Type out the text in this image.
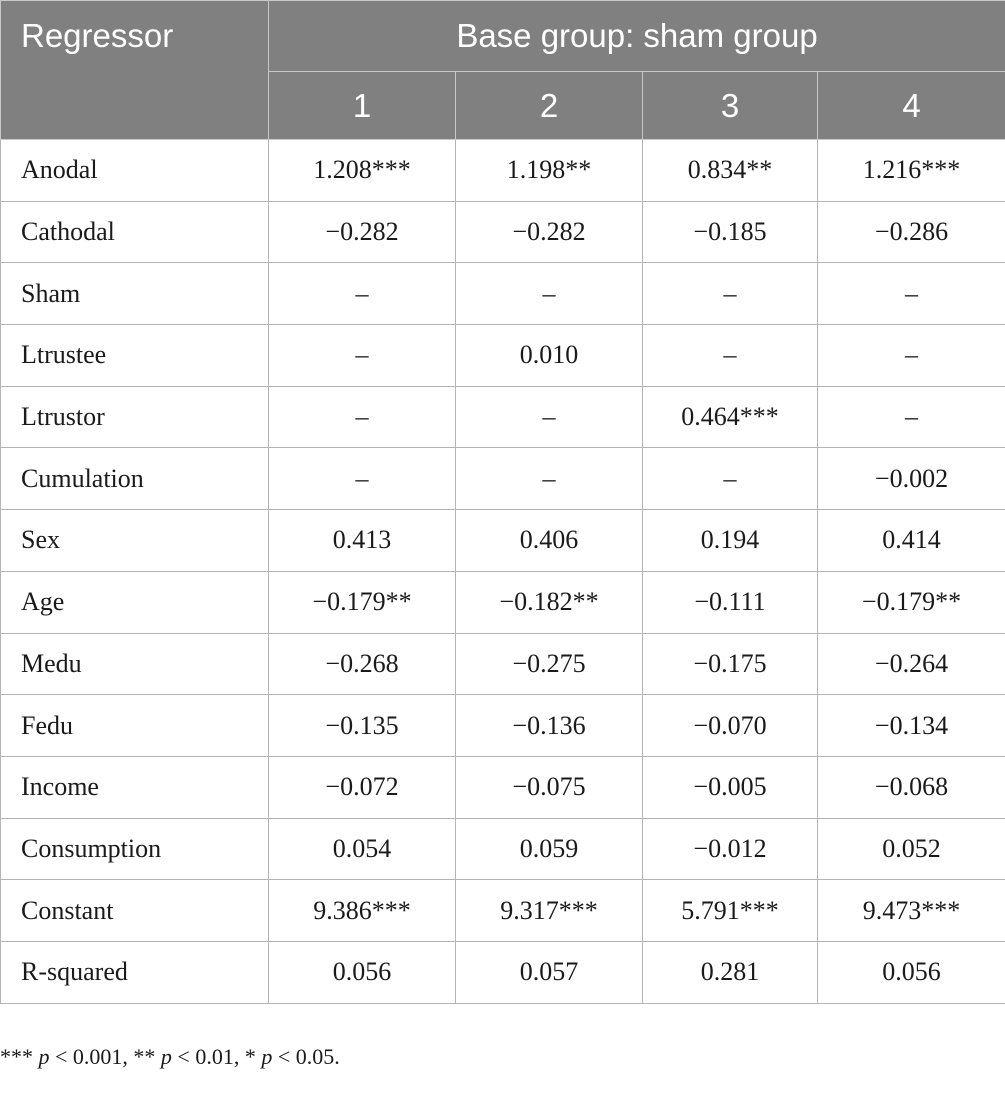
Regressor	Base group: sham group			
	1	2	3	4
Anodal	1.208***	1.198**	0.834**	1.216***
Cathodal	−0.282	−0.282	−0.185	−0.286
Sham	–	–	–	–
Ltrustee	–	0.010	–	–
Ltrustor	–	–	0.464***	–
Cumulation	–	–	–	−0.002
Sex	0.413	0.406	0.194	0.414
Age	−0.179**	−0.182**	−0.111	−0.179**
Medu	−0.268	−0.275	−0.175	−0.264
Fedu	−0.135	−0.136	−0.070	−0.134
Income	−0.072	−0.075	−0.005	−0.068
Consumption	0.054	0.059	−0.012	0.052
Constant	9.386***	9.317***	5.791***	9.473***
R-squared	0.056	0.057	0.281	0.056
*** p < 0.001, ** p < 0.01, * p < 0.05.
